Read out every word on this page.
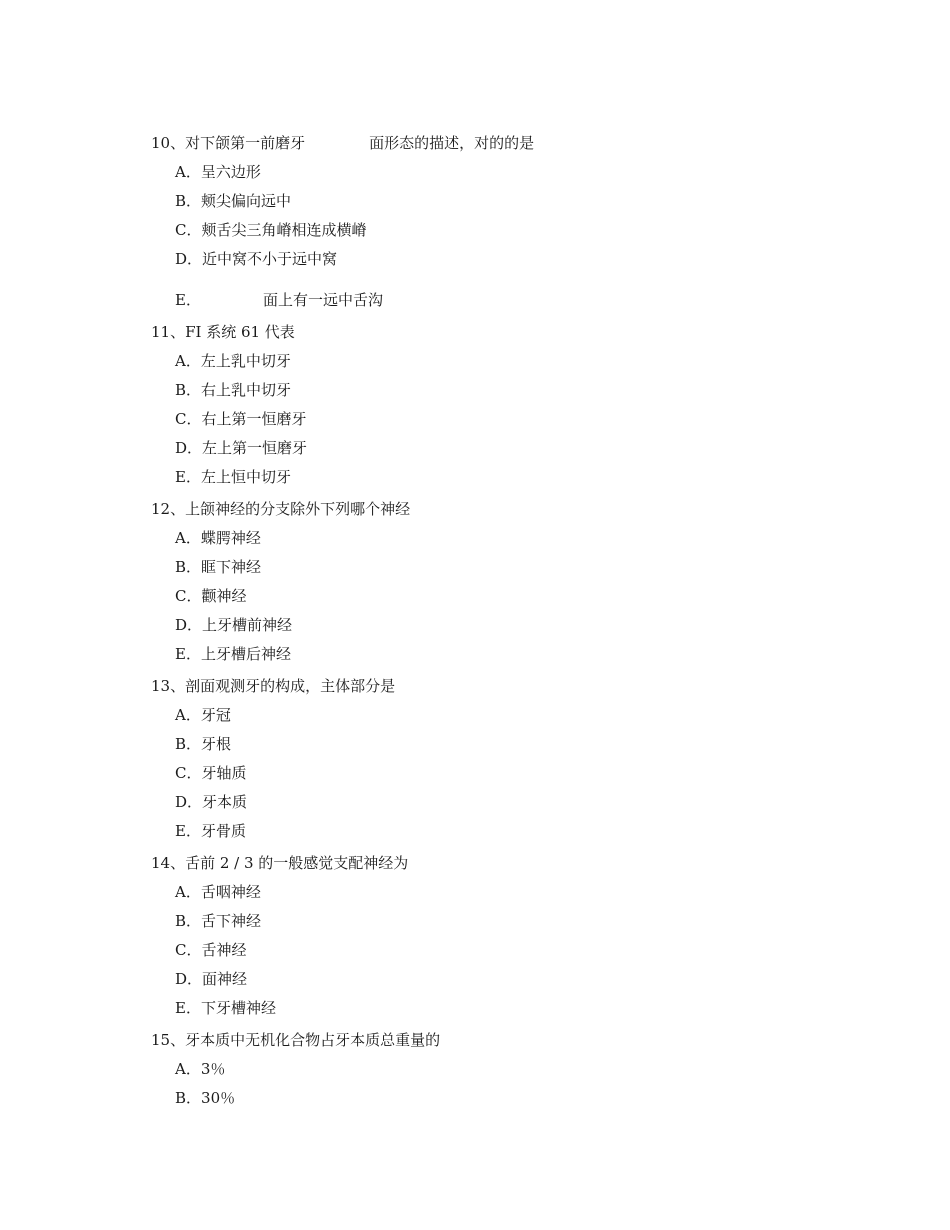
10、对下颌第一前磨牙	面形态的描述，对的的是
A．呈六边形
B．颊尖偏向远中
C．颊舌尖三角嵴相连成横嵴
D．近中窝不小于远中窝
E．	面上有一远中舌沟
11、FI 系统 61 代表
A．左上乳中切牙
B．右上乳中切牙
C．右上第一恒磨牙
D．左上第一恒磨牙
E．左上恒中切牙
12、上颌神经的分支除外下列哪个神经
A．蝶腭神经
B．眶下神经
C．颧神经
D．上牙槽前神经
E．上牙槽后神经
13、剖面观测牙的构成，主体部分是
A．牙冠
B．牙根
C．牙轴质
D．牙本质
E．牙骨质
14、舌前 2 / 3 的一般感觉支配神经为
A．舌咽神经
B．舌下神经
C．舌神经
D．面神经
E．下牙槽神经
15、牙本质中无机化合物占牙本质总重量的
A．3％
B．30％
